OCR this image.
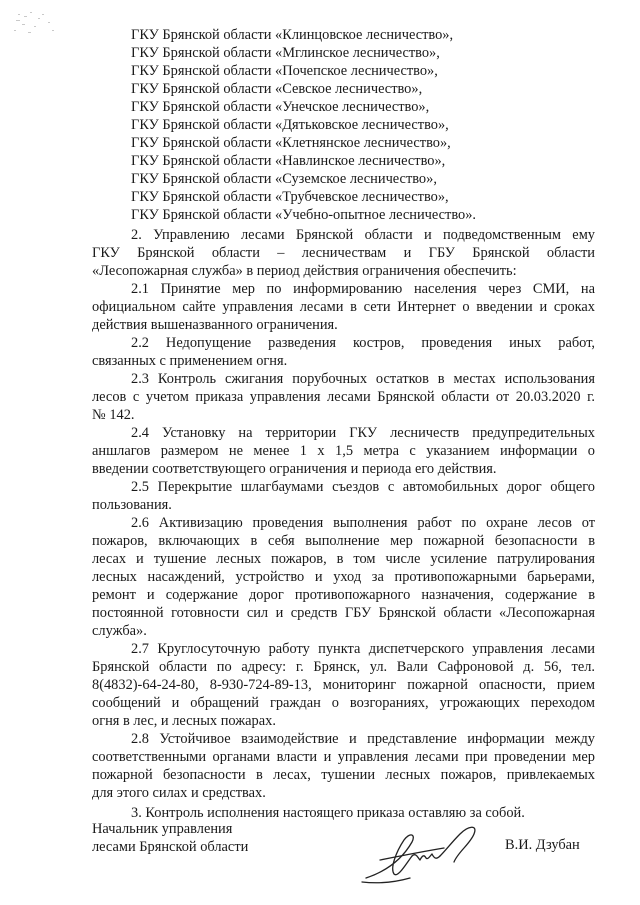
ГКУ Брянской области «Клинцовское лесничество»,
ГКУ Брянской области «Мглинское лесничество»,
ГКУ Брянской области «Почепское лесничество»,
ГКУ Брянской области «Севское лесничество»,
ГКУ Брянской области «Унечское лесничество»,
ГКУ Брянской области «Дятьковское лесничество»,
ГКУ Брянской области «Клетнянское лесничество»,
ГКУ Брянской области «Навлинское лесничество»,
ГКУ Брянской области «Суземское лесничество»,
ГКУ Брянской области «Трубчевское лесничество»,
ГКУ Брянской области «Учебно-опытное лесничество».
2. Управлению лесами Брянской области и подведомственным ему
ГКУ Брянской области – лесничествам и ГБУ Брянской области
«Лесопожарная служба» в период действия ограничения обеспечить:
2.1 Принятие мер по информированию населения через СМИ, на
официальном сайте управления лесами в сети Интернет о введении и сроках
действия вышеназванного ограничения.
2.2 Недопущение разведения костров, проведения иных работ,
связанных с применением огня.
2.3 Контроль сжигания порубочных остатков в местах использования
лесов с учетом приказа управления лесами Брянской области от 20.03.2020 г.
№ 142.
2.4 Установку на территории ГКУ лесничеств предупредительных
аншлагов размером не менее 1 х 1,5 метра с указанием информации о
введении соответствующего ограничения и периода его действия.
2.5 Перекрытие шлагбаумами съездов с автомобильных дорог общего
пользования.
2.6 Активизацию проведения выполнения работ по охране лесов от
пожаров, включающих в себя выполнение мер пожарной безопасности в
лесах и тушение лесных пожаров, в том числе усиление патрулирования
лесных насаждений, устройство и уход за противопожарными барьерами,
ремонт и содержание дорог противопожарного назначения, содержание в
постоянной готовности сил и средств ГБУ Брянской области «Лесопожарная
служба».
2.7 Круглосуточную работу пункта диспетчерского управления лесами
Брянской области по адресу: г. Брянск, ул. Вали Сафроновой д. 56, тел.
8(4832)-64-24-80, 8-930-724-89-13, мониторинг пожарной опасности, прием
сообщений и обращений граждан о возгораниях, угрожающих переходом
огня в лес, и лесных пожарах.
2.8 Устойчивое взаимодействие и представление информации между
соответственными органами власти и управления лесами при проведении мер
пожарной безопасности в лесах, тушении лесных пожаров, привлекаемых
для этого силах и средствах.
3. Контроль исполнения настоящего приказа оставляю за собой.
Начальник управления
лесами Брянской области	В.И. Дзубан
